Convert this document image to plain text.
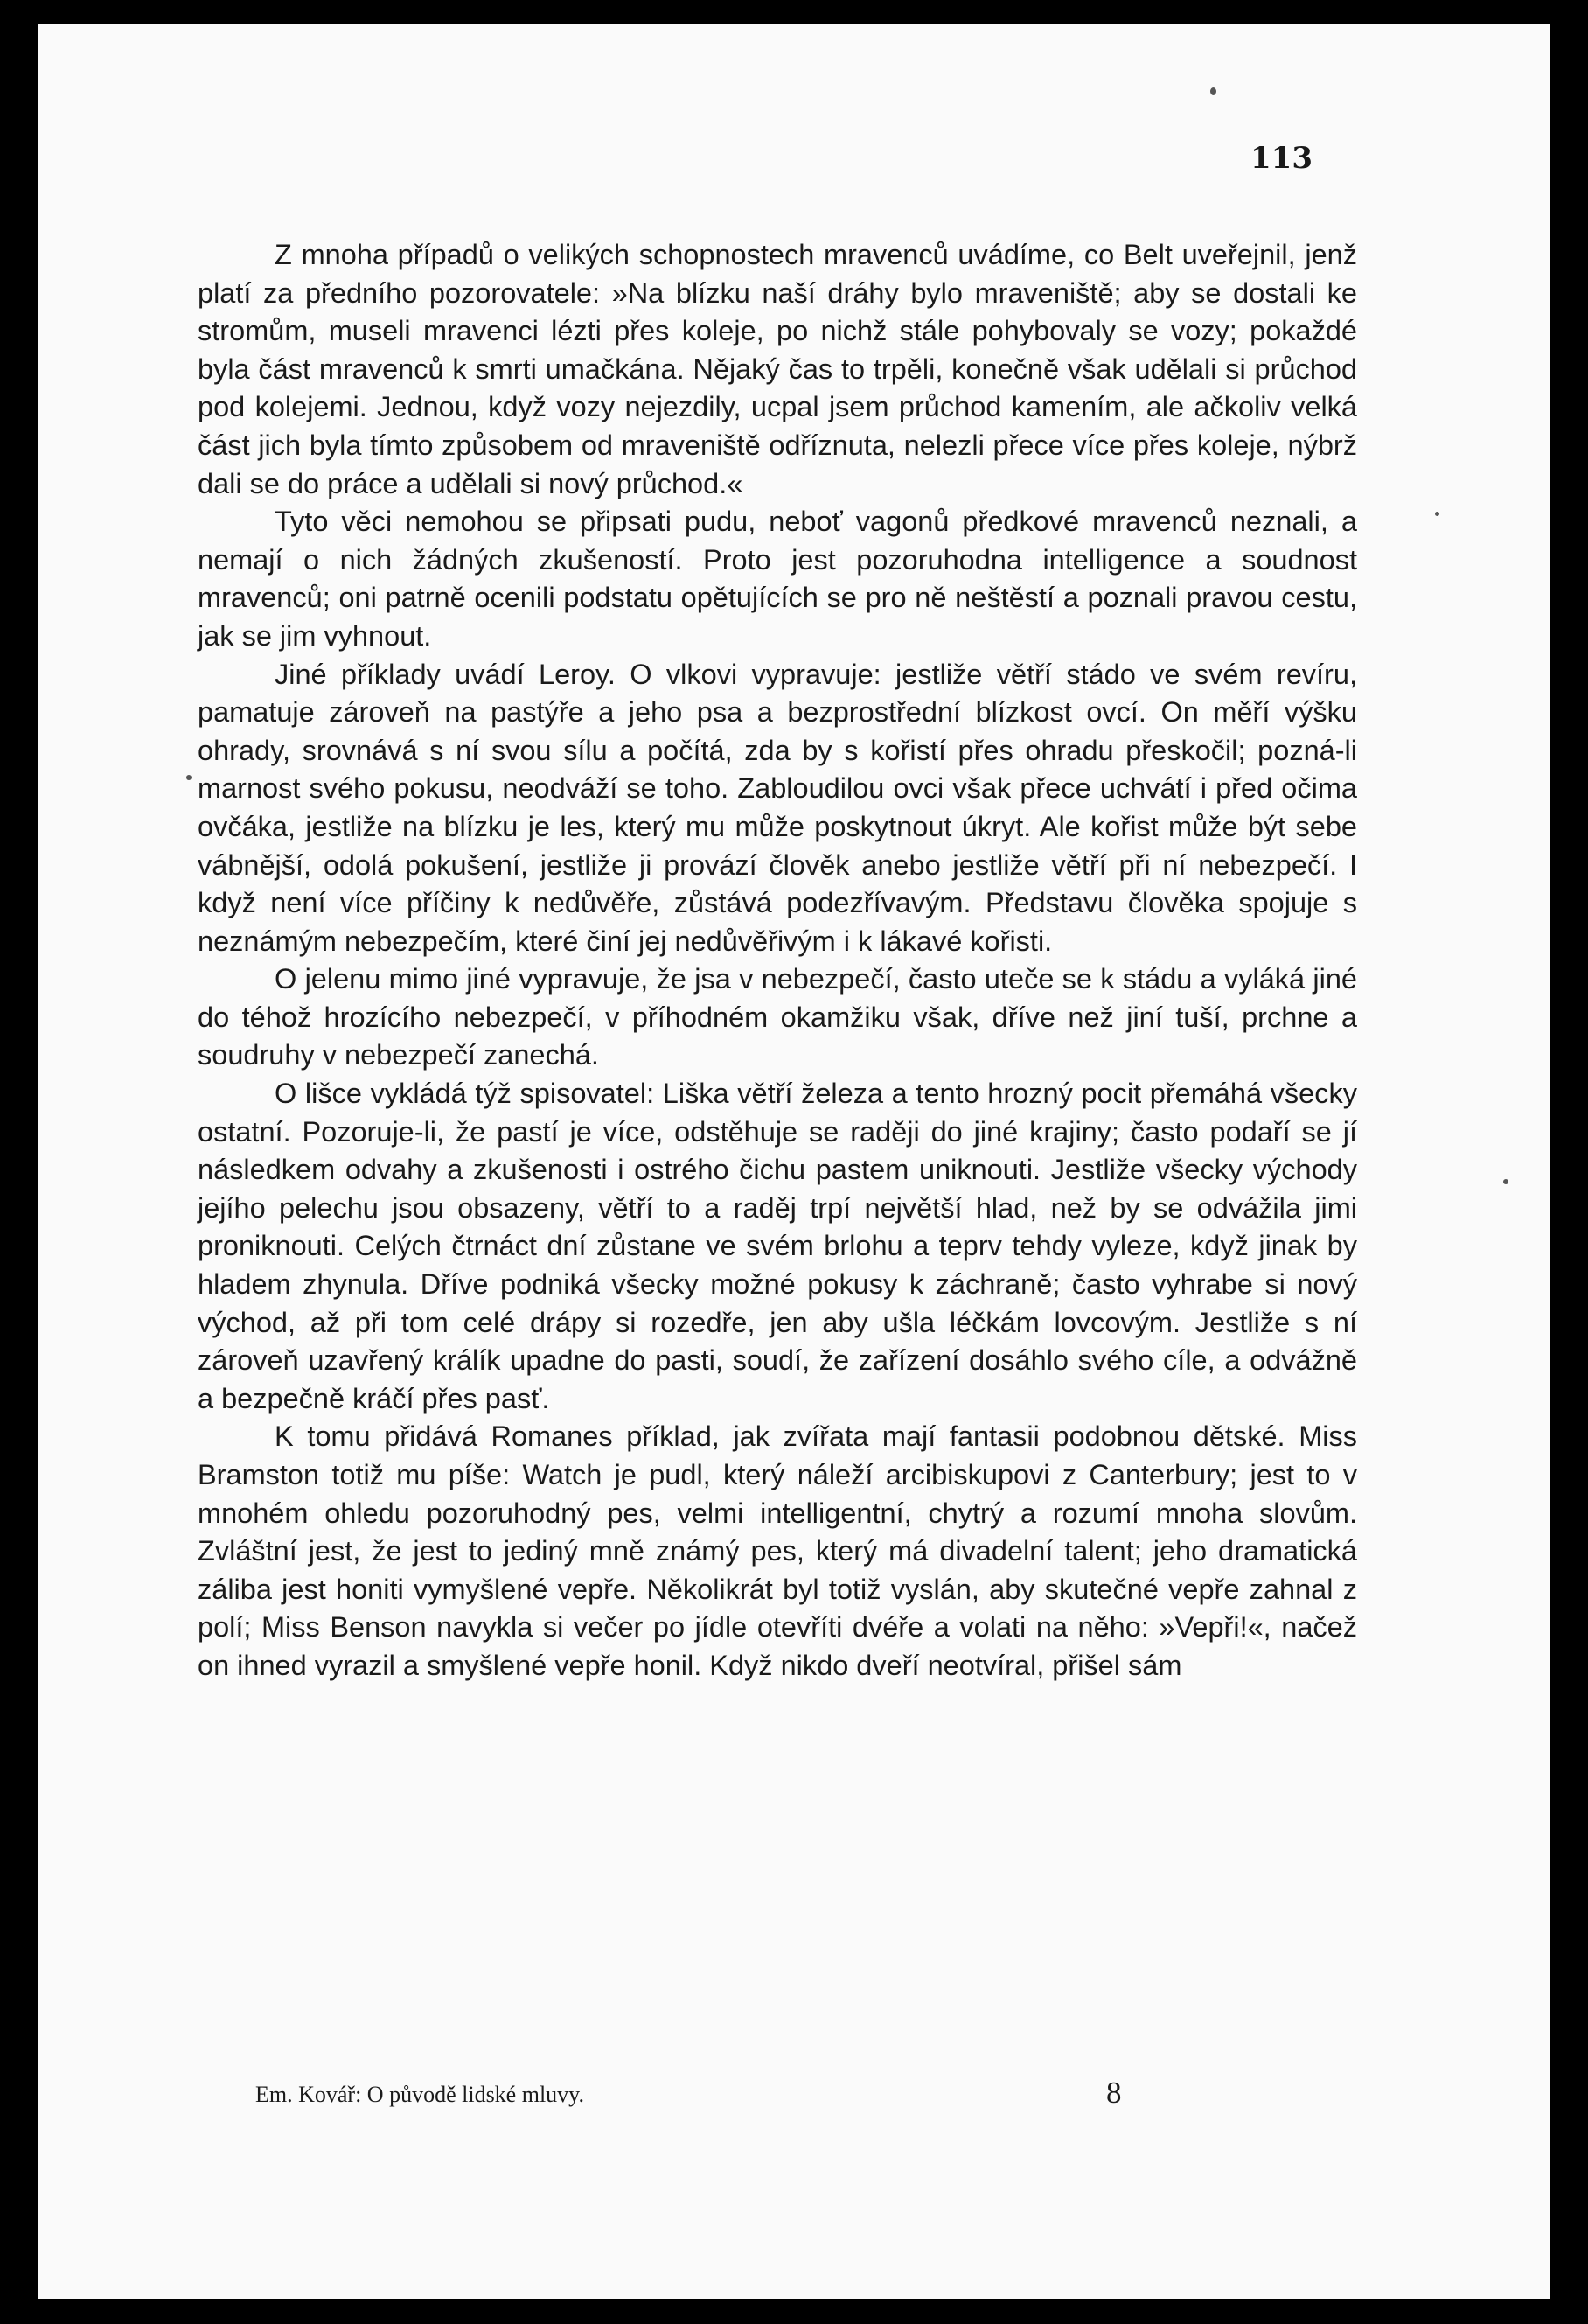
113

Z mnoha případů o velikých schopnostech mravenců uvádíme, co Belt uveřejnil, jenž platí za předního pozorovatele: »Na blízku naší dráhy bylo mraveniště; aby se dostali ke stromům, museli mravenci lézti přes koleje, po nichž stále pohybovaly se vozy; pokaždé byla část mravenců k smrti umačkána. Nějaký čas to trpěli, konečně však udělali si průchod pod kolejemi. Jednou, když vozy nejezdily, ucpal jsem průchod kamením, ale ačkoliv velká část jich byla tímto způsobem od mraveniště odříznuta, nelezli přece více přes koleje, nýbrž dali se do práce a udělali si nový průchod.«

Tyto věci nemohou se připsati pudu, neboť vagonů předkové mravenců neznali, a nemají o nich žádných zkušeností. Proto jest pozoruhodna intelligence a soudnost mravenců; oni patrně ocenili podstatu opětujících se pro ně neštěstí a poznali pravou cestu, jak se jim vyhnout.

Jiné příklady uvádí Leroy. O vlkovi vypravuje: jestliže větří stádo ve svém revíru, pamatuje zároveň na pastýře a jeho psa a bezprostřední blízkost ovcí. On měří výšku ohrady, srovnává s ní svou sílu a počítá, zda by s kořistí přes ohradu přeskočil; pozná-li marnost svého pokusu, neodváží se toho. Zabloudilou ovci však přece uchvátí i před očima ovčáka, jestliže na blízku je les, který mu může poskytnout úkryt. Ale kořist může být sebe vábnější, odolá pokušení, jestliže ji provází člověk anebo jestliže větří při ní nebezpečí. I když není více příčiny k nedůvěře, zůstává podezřívavým. Představu člověka spojuje s neznámým nebezpečím, které činí jej nedůvěřivým i k lákavé kořisti.

O jelenu mimo jiné vypravuje, že jsa v nebezpečí, často uteče se k stádu a vyláká jiné do téhož hrozícího nebezpečí, v příhodném okamžiku však, dříve než jiní tuší, prchne a soudruhy v nebezpečí zanechá.

O lišce vykládá týž spisovatel: Liška větří železa a tento hrozný pocit přemáhá všecky ostatní. Pozoruje-li, že pastí je více, odstěhuje se raději do jiné krajiny; často podaří se jí následkem odvahy a zkušenosti i ostrého čichu pastem uniknouti. Jestliže všecky východy jejího pelechu jsou obsazeny, větří to a raděj trpí největší hlad, než by se odvážila jimi proniknouti. Celých čtrnáct dní zůstane ve svém brlohu a teprv tehdy vyleze, když jinak by hladem zhynula. Dříve podniká všecky možné pokusy k záchraně; často vyhrabe si nový východ, až při tom celé drápy si rozedře, jen aby ušla léčkám lovcovým. Jestliže s ní zároveň uzavřený králík upadne do pasti, soudí, že zařízení dosáhlo svého cíle, a odvážně a bezpečně kráčí přes pasť.

K tomu přidává Romanes příklad, jak zvířata mají fantasii podobnou dětské. Miss Bramston totiž mu píše: Watch je pudl, který náleží arcibiskupovi z Canterbury; jest to v mnohém ohledu pozoruhodný pes, velmi intelligentní, chytrý a rozumí mnoha slovům. Zvláštní jest, že jest to jediný mně známý pes, který má divadelní talent; jeho dramatická záliba jest honiti vymyšlené vepře. Několikrát byl totiž vyslán, aby skutečné vepře zahnal z polí; Miss Benson navykla si večer po jídle otevříti dvéře a volati na něho: »Vepři!«, načež on ihned vyrazil a smyšlené vepře honil. Když nikdo dveří neotvíral, přišel sám

Em. Kovář: O původě lidské mluvy.	8
